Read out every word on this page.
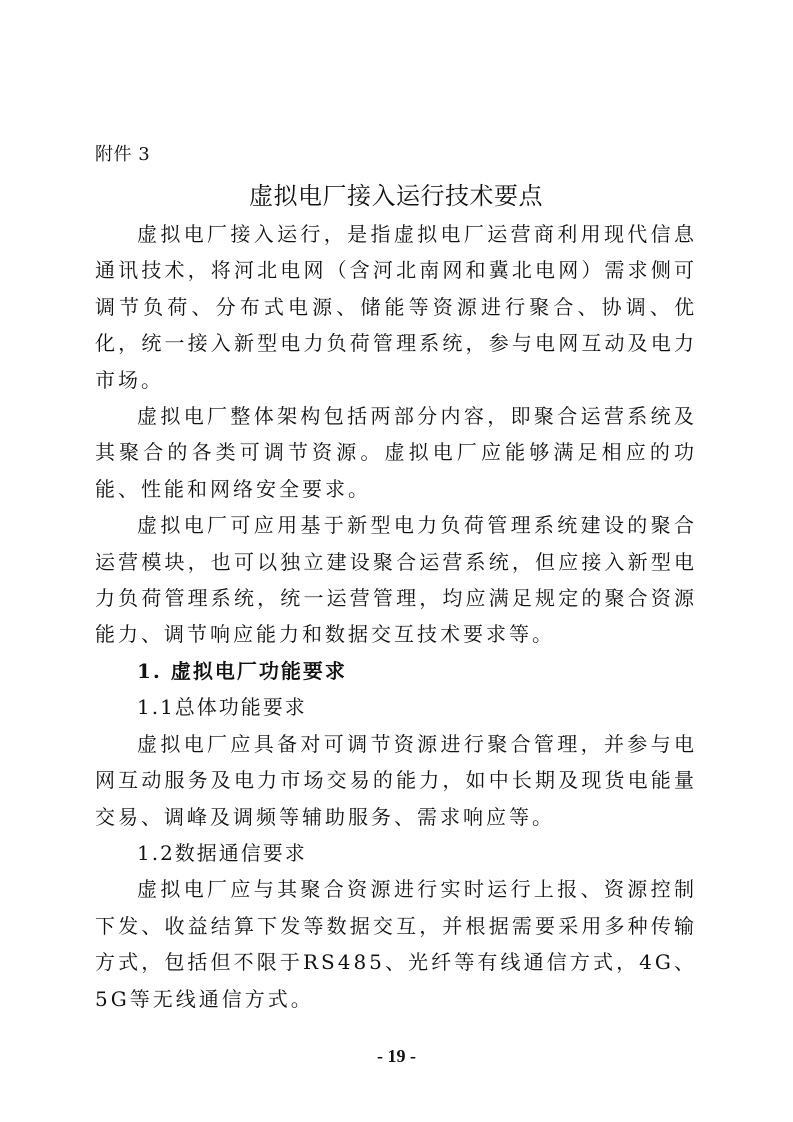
附件 3

虚拟电厂接入运行技术要点

虚拟电厂接入运行，是指虚拟电厂运营商利用现代信息通讯技术，将河北电网（含河北南网和冀北电网）需求侧可调节负荷、分布式电源、储能等资源进行聚合、协调、优化，统一接入新型电力负荷管理系统，参与电网互动及电力市场。

虚拟电厂整体架构包括两部分内容，即聚合运营系统及其聚合的各类可调节资源。虚拟电厂应能够满足相应的功能、性能和网络安全要求。

虚拟电厂可应用基于新型电力负荷管理系统建设的聚合运营模块，也可以独立建设聚合运营系统，但应接入新型电力负荷管理系统，统一运营管理，均应满足规定的聚合资源能力、调节响应能力和数据交互技术要求等。

1. 虚拟电厂功能要求

1.1总体功能要求

虚拟电厂应具备对可调节资源进行聚合管理，并参与电网互动服务及电力市场交易的能力，如中长期及现货电能量交易、调峰及调频等辅助服务、需求响应等。

1.2数据通信要求

虚拟电厂应与其聚合资源进行实时运行上报、资源控制下发、收益结算下发等数据交互，并根据需要采用多种传输方式，包括但不限于RS485、光纤等有线通信方式，4G、5G等无线通信方式。

- 19 -
